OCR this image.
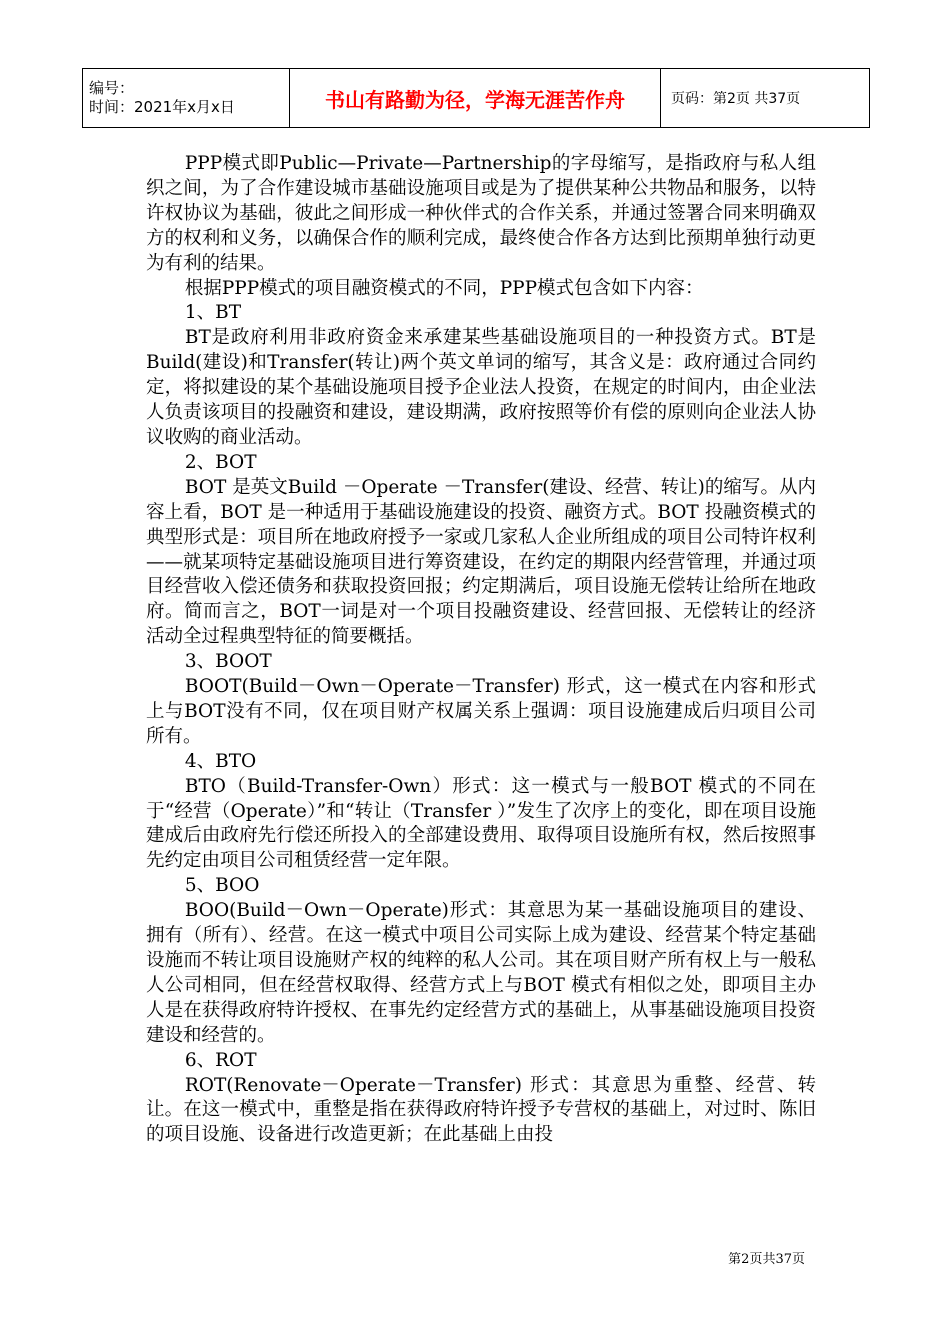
编号：
时间：2021年x月x日	书山有路勤为径，学海无涯苦作舟	页码：第2页 共37页

PPP模式即Public—Private—Partnership的字母缩写，是指政府与私人组织之间，为了合作建设城市基础设施项目或是为了提供某种公共物品和服务，以特许权协议为基础，彼此之间形成一种伙伴式的合作关系，并通过签署合同来明确双方的权利和义务，以确保合作的顺利完成，最终使合作各方达到比预期单独行动更为有利的结果。

根据PPP模式的项目融资模式的不同，PPP模式包含如下内容：

1、BT

BT是政府利用非政府资金来承建某些基础设施项目的一种投资方式。BT是Build(建设)和Transfer(转让)两个英文单词的缩写，其含义是：政府通过合同约定，将拟建设的某个基础设施项目授予企业法人投资，在规定的时间内，由企业法人负责该项目的投融资和建设，建设期满，政府按照等价有偿的原则向企业法人协议收购的商业活动。

2、BOT

BOT 是英文Build －Operate －Transfer(建设、经营、转让)的缩写。从内容上看，BOT 是一种适用于基础设施建设的投资、融资方式。BOT 投融资模式的典型形式是：项目所在地政府授予一家或几家私人企业所组成的项目公司特许权利——就某项特定基础设施项目进行筹资建设，在约定的期限内经营管理，并通过项目经营收入偿还债务和获取投资回报；约定期满后，项目设施无偿转让给所在地政府。简而言之，BOT一词是对一个项目投融资建设、经营回报、无偿转让的经济活动全过程典型特征的简要概括。

3、BOOT

BOOT(Build－Own－Operate－Transfer) 形式，这一模式在内容和形式上与BOT没有不同，仅在项目财产权属关系上强调：项目设施建成后归项目公司所有。

4、BTO

BTO（Build-Transfer-Own）形式：这一模式与一般BOT 模式的不同在于“经营（Operate）”和“转让（Transfer ）”发生了次序上的变化，即在项目设施建成后由政府先行偿还所投入的全部建设费用、取得项目设施所有权，然后按照事先约定由项目公司租赁经营一定年限。

5、BOO

BOO(Build－Own－Operate)形式：其意思为某一基础设施项目的建设、拥有（所有）、经营。在这一模式中项目公司实际上成为建设、经营某个特定基础设施而不转让项目设施财产权的纯粹的私人公司。其在项目财产所有权上与一般私人公司相同，但在经营权取得、经营方式上与BOT 模式有相似之处，即项目主办人是在获得政府特许授权、在事先约定经营方式的基础上，从事基础设施项目投资建设和经营的。

6、ROT

ROT(Renovate－Operate－Transfer) 形式：其意思为重整、经营、转让。在这一模式中，重整是指在获得政府特许授予专营权的基础上，对过时、陈旧的项目设施、设备进行改造更新；在此基础上由投

第2页共37页
